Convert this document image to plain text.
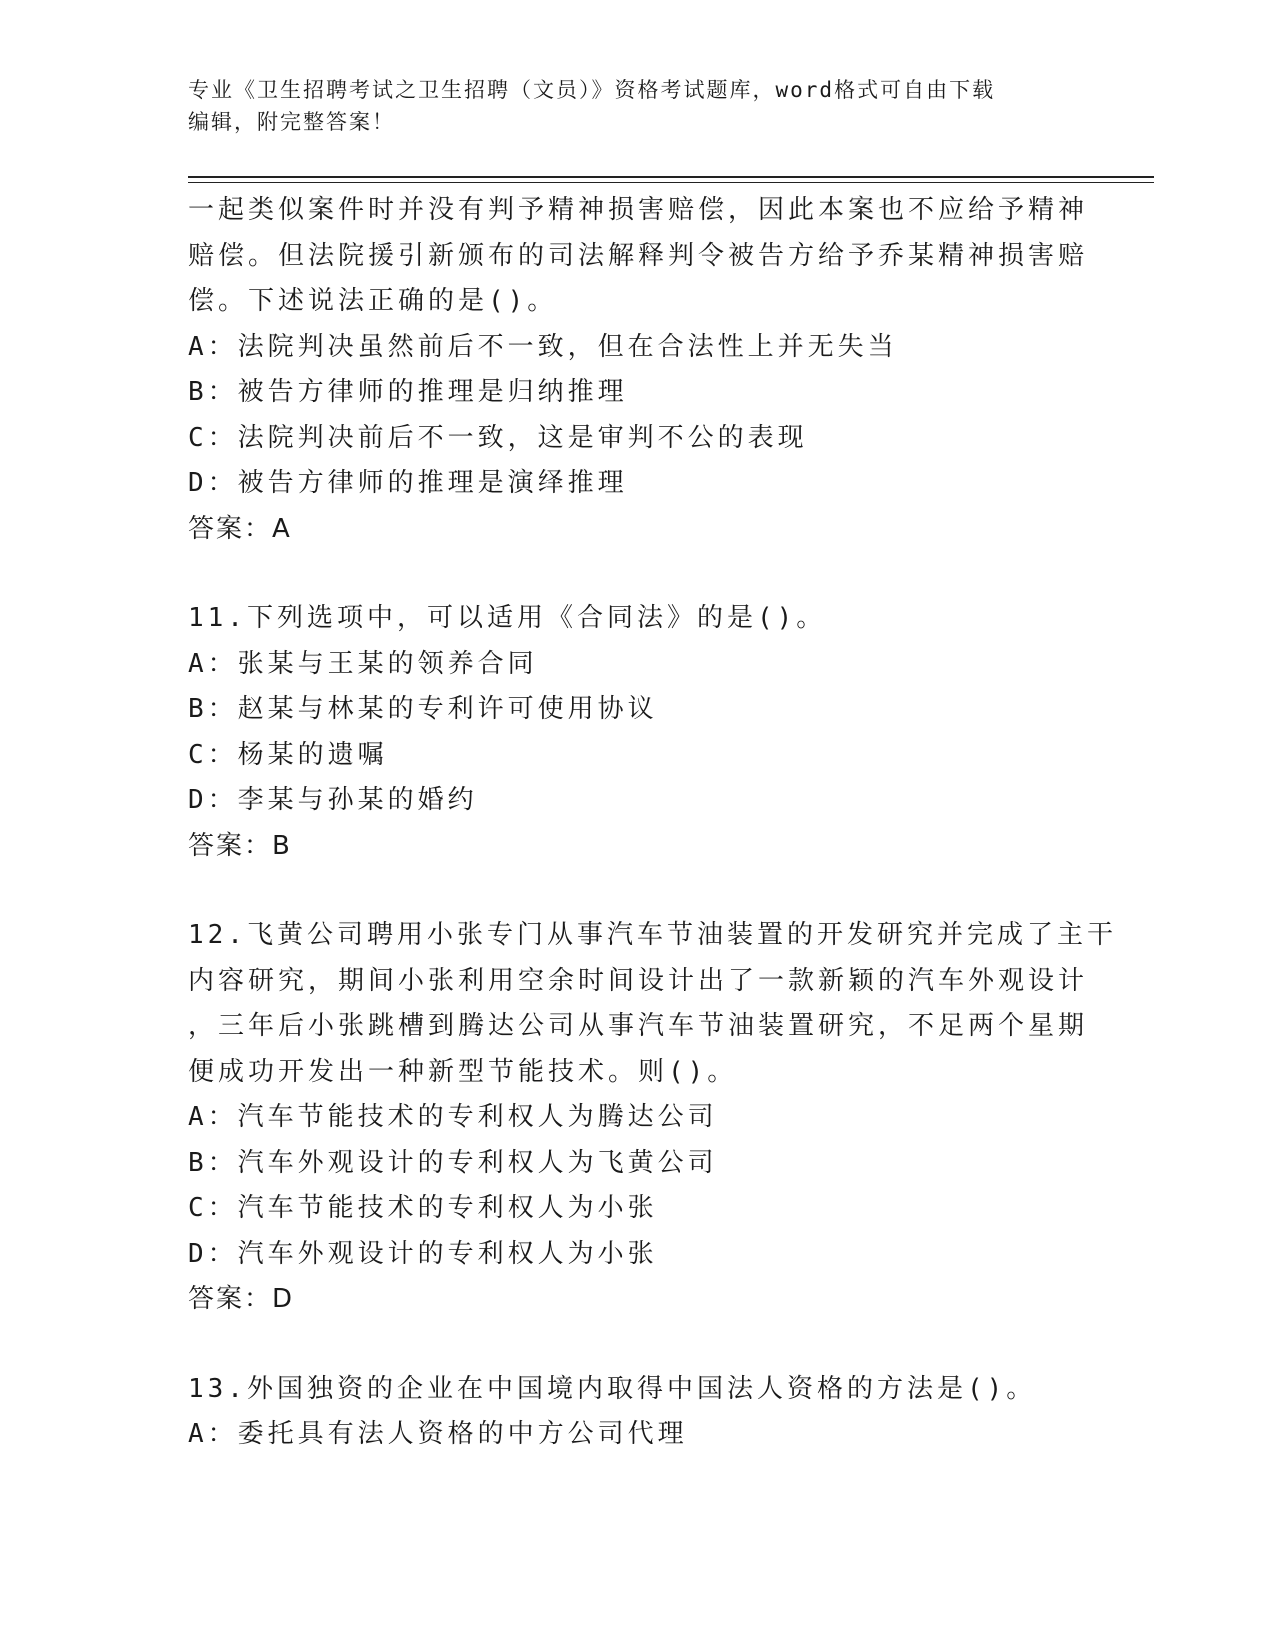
专业《卫生招聘考试之卫生招聘（文员）》资格考试题库，word格式可自由下载
编辑，附完整答案！
一起类似案件时并没有判予精神损害赔偿，因此本案也不应给予精神
赔偿。但法院援引新颁布的司法解释判令被告方给予乔某精神损害赔
偿。下述说法正确的是()。
A：法院判决虽然前后不一致，但在合法性上并无失当
B：被告方律师的推理是归纳推理
C：法院判决前后不一致，这是审判不公的表现
D：被告方律师的推理是演绎推理
答案：A
11.下列选项中，可以适用《合同法》的是()。
A：张某与王某的领养合同
B：赵某与林某的专利许可使用协议
C：杨某的遗嘱
D：李某与孙某的婚约
答案：B
12.飞黄公司聘用小张专门从事汽车节油装置的开发研究并完成了主干
内容研究，期间小张利用空余时间设计出了一款新颖的汽车外观设计
，三年后小张跳槽到腾达公司从事汽车节油装置研究，不足两个星期
便成功开发出一种新型节能技术。则()。
A：汽车节能技术的专利权人为腾达公司
B：汽车外观设计的专利权人为飞黄公司
C：汽车节能技术的专利权人为小张
D：汽车外观设计的专利权人为小张
答案：D
13.外国独资的企业在中国境内取得中国法人资格的方法是()。
A：委托具有法人资格的中方公司代理
